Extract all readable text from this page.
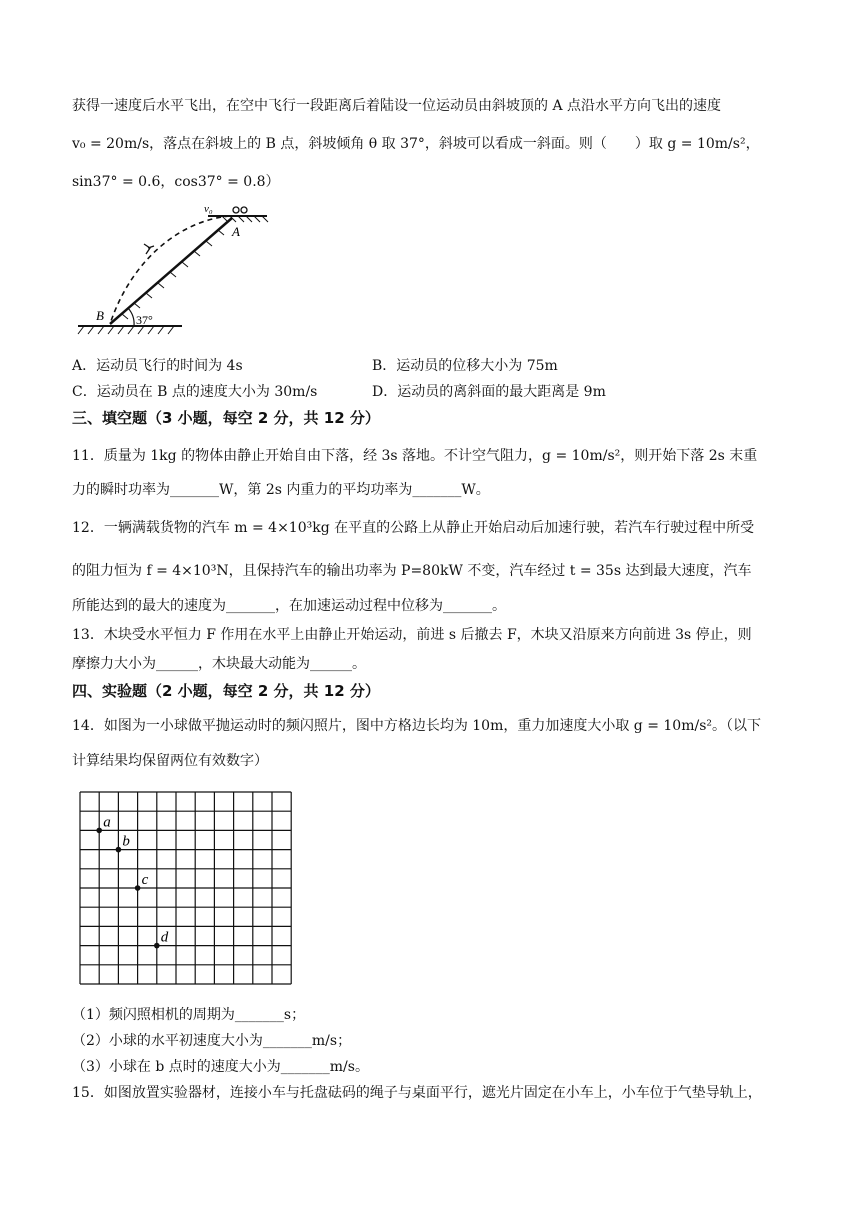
获得一速度后水平飞出，在空中飞行一段距离后着陆设一位运动员由斜坡顶的 A 点沿水平方向飞出的速度
v₀ = 20m/s，落点在斜坡上的 B 点，斜坡倾角 θ 取 37°，斜坡可以看成一斜面。则（　　）取 g = 10m/s²，
sin37° = 0.6，cos37° = 0.8）
v₀
A
B	37°
A．运动员飞行的时间为 4s	B．运动员的位移大小为 75m
C．运动员在 B 点的速度大小为 30m/s	D．运动员的离斜面的最大距离是 9m
三、填空题（3 小题，每空 2 分，共 12 分）
11．质量为 1kg 的物体由静止开始自由下落，经 3s 落地。不计空气阻力，g = 10m/s²，则开始下落 2s 末重
力的瞬时功率为_______W，第 2s 内重力的平均功率为_______W。
12．一辆满载货物的汽车 m = 4×10³kg 在平直的公路上从静止开始启动后加速行驶，若汽车行驶过程中所受
的阻力恒为 f = 4×10³N，且保持汽车的输出功率为 P=80kW 不变，汽车经过 t = 35s 达到最大速度，汽车
所能达到的最大的速度为_______，在加速运动过程中位移为_______。
13．木块受水平恒力 F 作用在水平上由静止开始运动，前进 s 后撤去 F，木块又沿原来方向前进 3s 停止，则
摩擦力大小为______，木块最大动能为______。
四、实验题（2 小题，每空 2 分，共 12 分）
14．如图为一小球做平抛运动时的频闪照片，图中方格边长均为 10m，重力加速度大小取 g = 10m/s²。（以下
计算结果均保留两位有效数字）
a
b
c
d
（1）频闪照相机的周期为_______s；
（2）小球的水平初速度大小为_______m/s；
（3）小球在 b 点时的速度大小为_______m/s。
15．如图放置实验器材，连接小车与托盘砝码的绳子与桌面平行，遮光片固定在小车上，小车位于气垫导轨上，
